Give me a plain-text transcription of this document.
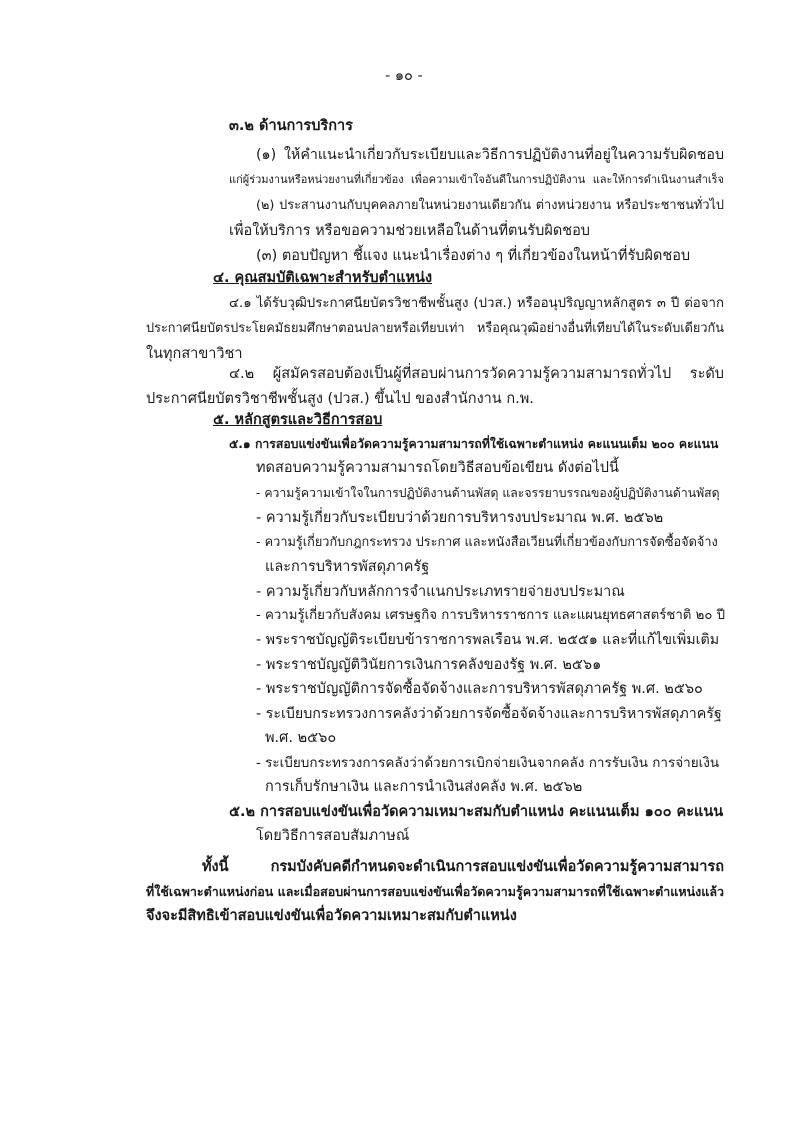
- ๑๐ -
๓.๒ ด้านการบริการ
(๑) ให้คำแนะนำเกี่ยวกับระเบียบและวิธีการปฏิบัติงานที่อยู่ในความรับผิดชอบ
แก่ผู้ร่วมงานหรือหน่วยงานที่เกี่ยวข้อง เพื่อความเข้าใจอันดีในการปฏิบัติงาน และให้การดำเนินงานสำเร็จ
(๒) ประสานงานกับบุคคลภายในหน่วยงานเดียวกัน ต่างหน่วยงาน หรือประชาชนทั่วไป
เพื่อให้บริการ หรือขอความช่วยเหลือในด้านที่ตนรับผิดชอบ
(๓) ตอบปัญหา ชี้แจง แนะนำเรื่องต่าง ๆ ที่เกี่ยวข้องในหน้าที่รับผิดชอบ
๔. คุณสมบัติเฉพาะสำหรับตำแหน่ง
๔.๑ ได้รับวุฒิประกาศนียบัตรวิชาชีพชั้นสูง (ปวส.) หรืออนุปริญญาหลักสูตร ๓ ปี ต่อจาก
ประกาศนียบัตรประโยคมัธยมศึกษาตอนปลายหรือเทียบเท่า หรือคุณวุฒิอย่างอื่นที่เทียบได้ในระดับเดียวกัน
ในทุกสาขาวิชา
๔.๒ ผู้สมัครสอบต้องเป็นผู้ที่สอบผ่านการวัดความรู้ความสามารถทั่วไป ระดับ
ประกาศนียบัตรวิชาชีพชั้นสูง (ปวส.) ขึ้นไป ของสำนักงาน ก.พ.
๕. หลักสูตรและวิธีการสอบ
๕.๑ การสอบแข่งขันเพื่อวัดความรู้ความสามารถที่ใช้เฉพาะตำแหน่ง คะแนนเต็ม ๒๐๐ คะแนน
ทดสอบความรู้ความสามารถโดยวิธีสอบข้อเขียน ดังต่อไปนี้
- ความรู้ความเข้าใจในการปฏิบัติงานด้านพัสดุ และจรรยาบรรณของผู้ปฏิบัติงานด้านพัสดุ
- ความรู้เกี่ยวกับระเบียบว่าด้วยการบริหารงบประมาณ พ.ศ. ๒๕๖๒
- ความรู้เกี่ยวกับกฎกระทรวง ประกาศ และหนังสือเวียนที่เกี่ยวข้องกับการจัดซื้อจัดจ้าง
และการบริหารพัสดุภาครัฐ
- ความรู้เกี่ยวกับหลักการจำแนกประเภทรายจ่ายงบประมาณ
- ความรู้เกี่ยวกับสังคม เศรษฐกิจ การบริหารราชการ และแผนยุทธศาสตร์ชาติ ๒๐ ปี
- พระราชบัญญัติระเบียบข้าราชการพลเรือน พ.ศ. ๒๕๕๑ และที่แก้ไขเพิ่มเติม
- พระราชบัญญัติวินัยการเงินการคลังของรัฐ พ.ศ. ๒๕๖๑
- พระราชบัญญัติการจัดซื้อจัดจ้างและการบริหารพัสดุภาครัฐ พ.ศ. ๒๕๖๐
- ระเบียบกระทรวงการคลังว่าด้วยการจัดซื้อจัดจ้างและการบริหารพัสดุภาครัฐ
พ.ศ. ๒๕๖๐
- ระเบียบกระทรวงการคลังว่าด้วยการเบิกจ่ายเงินจากคลัง การรับเงิน การจ่ายเงิน
การเก็บรักษาเงิน และการนำเงินส่งคลัง พ.ศ. ๒๕๖๒
๕.๒ การสอบแข่งขันเพื่อวัดความเหมาะสมกับตำแหน่ง คะแนนเต็ม ๑๐๐ คะแนน
โดยวิธีการสอบสัมภาษณ์
ทั้งนี้ กรมบังคับคดีกำหนดจะดำเนินการสอบแข่งขันเพื่อวัดความรู้ความสามารถ
ที่ใช้เฉพาะตำแหน่งก่อน และเมื่อสอบผ่านการสอบแข่งขันเพื่อวัดความรู้ความสามารถที่ใช้เฉพาะตำแหน่งแล้ว
จึงจะมีสิทธิเข้าสอบแข่งขันเพื่อวัดความเหมาะสมกับตำแหน่ง
